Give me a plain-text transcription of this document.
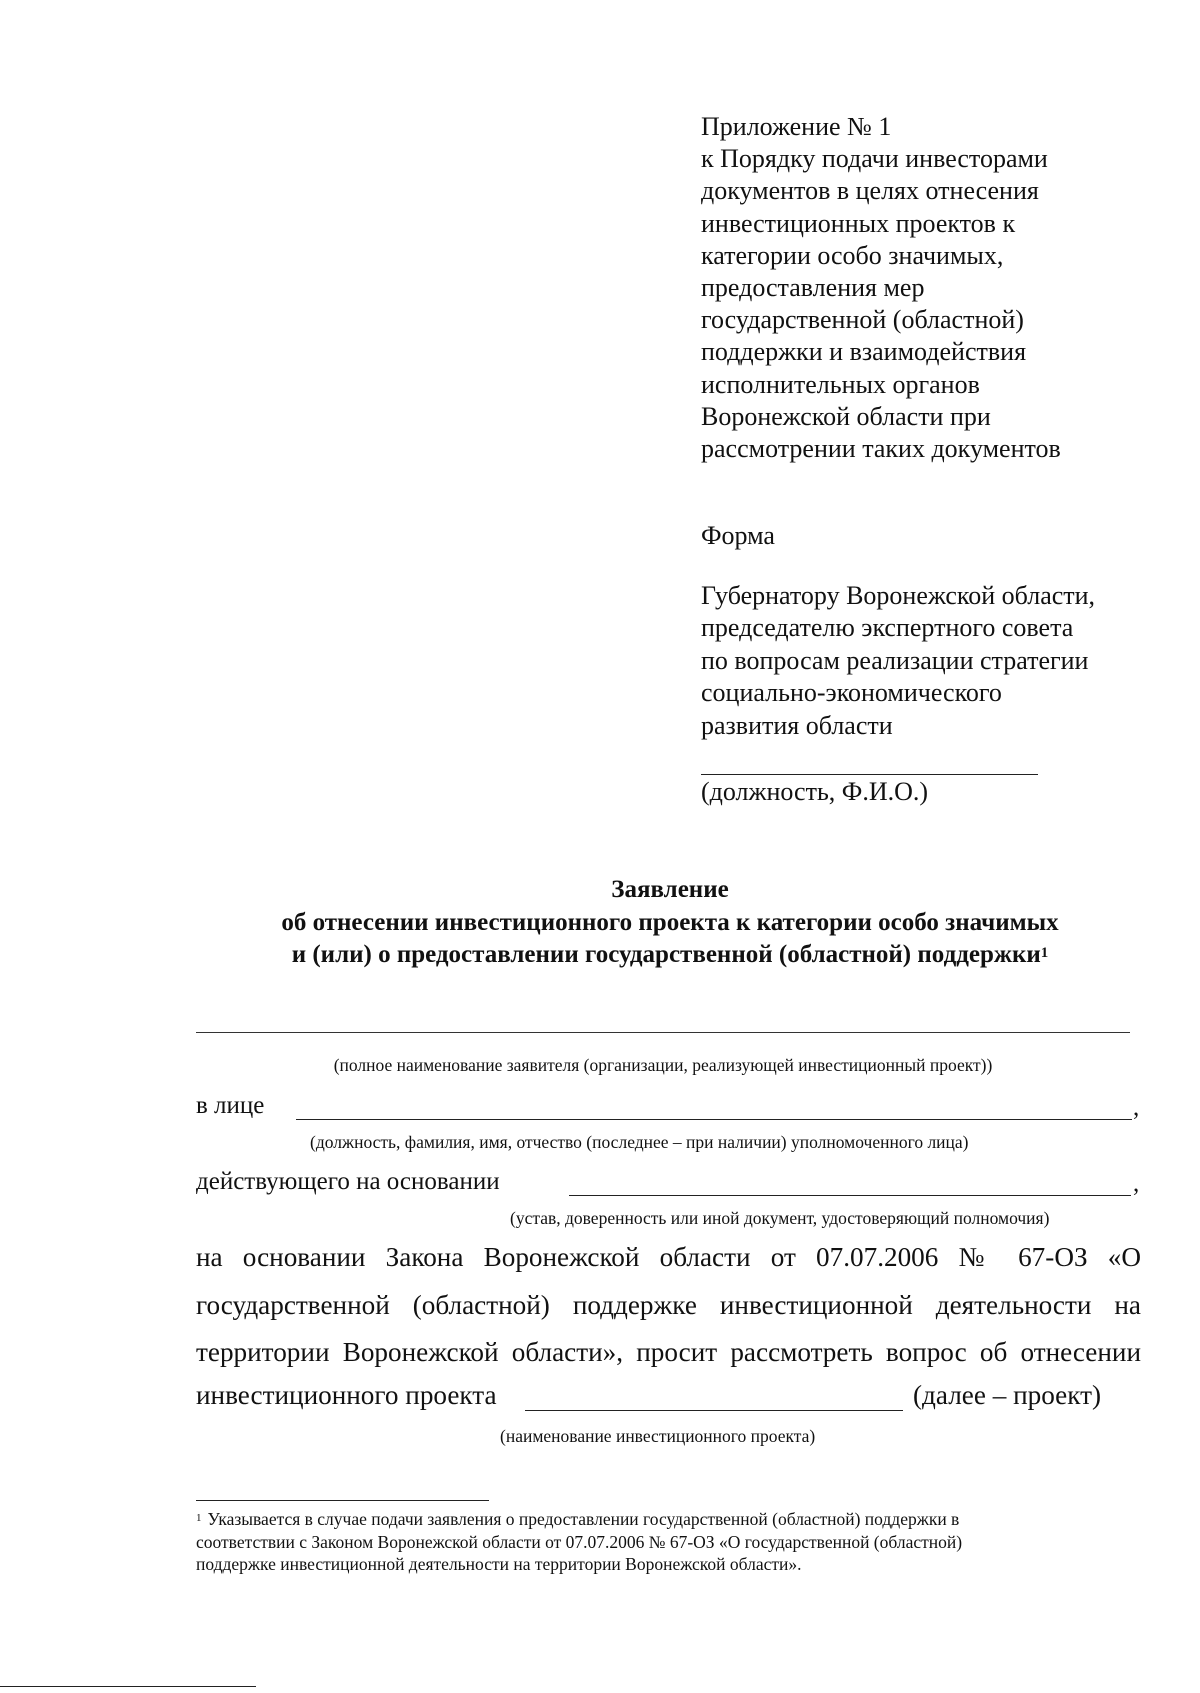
Приложение № 1
к Порядку подачи инвесторами
документов в целях отнесения
инвестиционных проектов к
категории особо значимых,
предоставления мер
государственной (областной)
поддержки и взаимодействия
исполнительных органов
Воронежской области при
рассмотрении таких документов
Форма
Губернатору Воронежской области,
председателю экспертного совета
по вопросам реализации стратегии
социально-экономического
развития области
(должность, Ф.И.О.)
Заявление
об отнесении инвестиционного проекта к категории особо значимых
и (или) о предоставлении государственной (областной) поддержки$^1$
(полное наименование заявителя (организации, реализующей инвестиционный проект))
в лице	,
(должность, фамилия, имя, отчество (последнее – при наличии) уполномоченного лица)
действующего на основании	,
(устав, доверенность или иной документ, удостоверяющий полномочия)
на основании Закона Воронежской области от 07.07.2006 № 67-ОЗ «О
государственной (областной) поддержке инвестиционной деятельности на
территории Воронежской области», просит рассмотреть вопрос об отнесении
инвестиционного проекта	(далее – проект)
(наименование инвестиционного проекта)
$^1$ Указывается в случае подачи заявления о предоставлении государственной (областной) поддержки в
соответствии с Законом Воронежской области от 07.07.2006 № 67-ОЗ «О государственной (областной)
поддержке инвестиционной деятельности на территории Воронежской области».
